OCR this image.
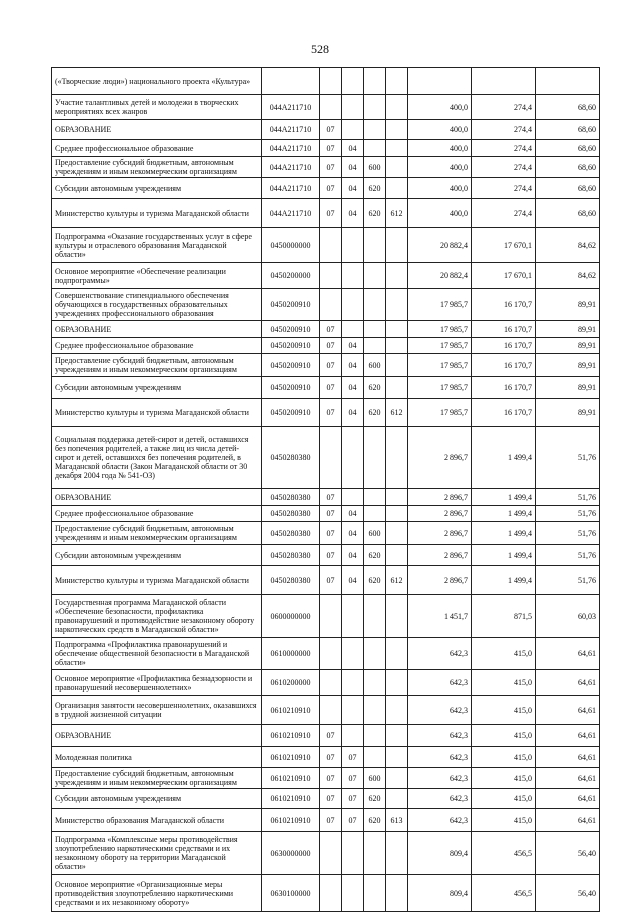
528
(«Творческие люди») национального проекта «Культура»								
Участие талантливых детей и молодежи в творческих мероприятиях всех жанров	044A211710					400,0	274,4	68,60
ОБРАЗОВАНИЕ	044A211710	07				400,0	274,4	68,60
Среднее профессиональное образование	044A211710	07	04			400,0	274,4	68,60
Предоставление субсидий бюджетным, автономным учреждениям и иным некоммерческим организациям	044A211710	07	04	600		400,0	274,4	68,60
Субсидии автономным учреждениям	044A211710	07	04	620		400,0	274,4	68,60
Министерство культуры и туризма Магаданской области	044A211710	07	04	620	612	400,0	274,4	68,60
Подпрограмма «Оказание государственных услуг в сфере культуры и отраслевого образования Магаданской области»	0450000000					20 882,4	17 670,1	84,62
Основное мероприятие «Обеспечение реализации подпрограммы»	0450200000					20 882,4	17 670,1	84,62
Совершенствование стипендиального обеспечения обучающихся в государственных образовательных учреждениях профессионального образования	0450200910					17 985,7	16 170,7	89,91
ОБРАЗОВАНИЕ	0450200910	07				17 985,7	16 170,7	89,91
Среднее профессиональное образование	0450200910	07	04			17 985,7	16 170,7	89,91
Предоставление субсидий бюджетным, автономным учреждениям и иным некоммерческим организациям	0450200910	07	04	600		17 985,7	16 170,7	89,91
Субсидии автономным учреждениям	0450200910	07	04	620		17 985,7	16 170,7	89,91
Министерство культуры и туризма Магаданской области	0450200910	07	04	620	612	17 985,7	16 170,7	89,91
Социальная поддержка детей-сирот и детей, оставшихся без попечения родителей, а также лиц из числа детей-сирот и детей, оставшихся без попечения родителей, в Магаданской области (Закон Магаданской области от 30 декабря 2004 года № 541-ОЗ)	0450280380					2 896,7	1 499,4	51,76
ОБРАЗОВАНИЕ	0450280380	07				2 896,7	1 499,4	51,76
Среднее профессиональное образование	0450280380	07	04			2 896,7	1 499,4	51,76
Предоставление субсидий бюджетным, автономным учреждениям и иным некоммерческим организациям	0450280380	07	04	600		2 896,7	1 499,4	51,76
Субсидии автономным учреждениям	0450280380	07	04	620		2 896,7	1 499,4	51,76
Министерство культуры и туризма Магаданской области	0450280380	07	04	620	612	2 896,7	1 499,4	51,76
Государственная программа Магаданской области «Обеспечение безопасности, профилактика правонарушений и противодействие незаконному обороту наркотических средств в Магаданской области»	0600000000					1 451,7	871,5	60,03
Подпрограмма «Профилактика правонарушений и обеспечение общественной безопасности в Магаданской области»	0610000000					642,3	415,0	64,61
Основное мероприятие «Профилактика безнадзорности и правонарушений несовершеннолетних»	0610200000					642,3	415,0	64,61
Организация занятости несовершеннолетних, оказавшихся в трудной жизненной ситуации	0610210910					642,3	415,0	64,61
ОБРАЗОВАНИЕ	0610210910	07				642,3	415,0	64,61
Молодежная политика	0610210910	07	07			642,3	415,0	64,61
Предоставление субсидий бюджетным, автономным учреждениям и иным некоммерческим организациям	0610210910	07	07	600		642,3	415,0	64,61
Субсидии автономным учреждениям	0610210910	07	07	620		642,3	415,0	64,61
Министерство образования Магаданской области	0610210910	07	07	620	613	642,3	415,0	64,61
Подпрограмма «Комплексные меры противодействия злоупотреблению наркотическими средствами и их незаконному обороту на территории Магаданской области»	0630000000					809,4	456,5	56,40
Основное мероприятие «Организационные меры противодействия злоупотреблению наркотическими средствами и их незаконному обороту»	0630100000					809,4	456,5	56,40
